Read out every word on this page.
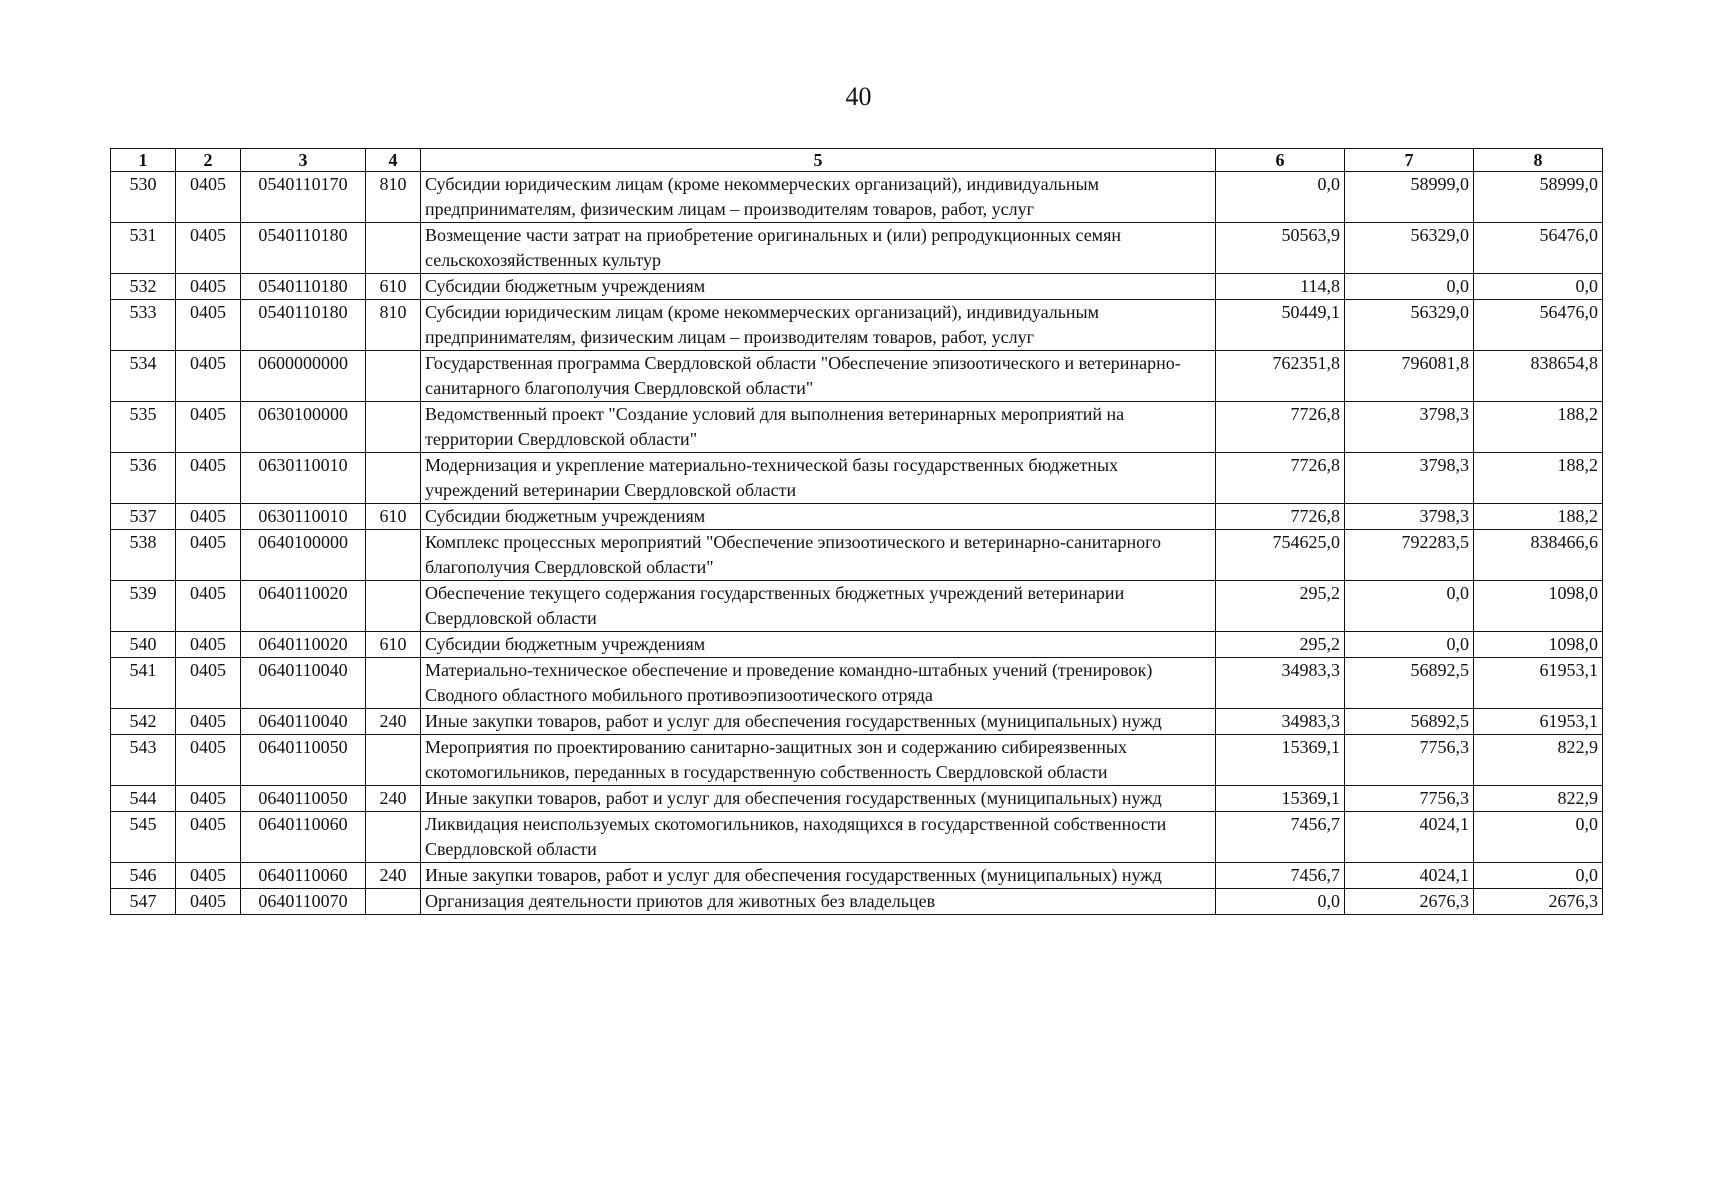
40
1	2	3	4	5	6	7	8
530	0405	0540110170	810	Субсидии юридическим лицам (кроме некоммерческих организаций), индивидуальным предпринимателям, физическим лицам – производителям товаров, работ, услуг	0,0	58999,0	58999,0
531	0405	0540110180		Возмещение части затрат на приобретение оригинальных и (или) репродукционных семян сельскохозяйственных культур	50563,9	56329,0	56476,0
532	0405	0540110180	610	Субсидии бюджетным учреждениям	114,8	0,0	0,0
533	0405	0540110180	810	Субсидии юридическим лицам (кроме некоммерческих организаций), индивидуальным предпринимателям, физическим лицам – производителям товаров, работ, услуг	50449,1	56329,0	56476,0
534	0405	0600000000		Государственная программа Свердловской области "Обеспечение эпизоотического и ветеринарно-санитарного благополучия Свердловской области"	762351,8	796081,8	838654,8
535	0405	0630100000		Ведомственный проект "Создание условий для выполнения ветеринарных мероприятий на территории Свердловской области"	7726,8	3798,3	188,2
536	0405	0630110010		Модернизация и укрепление материально-технической базы государственных бюджетных учреждений ветеринарии Свердловской области	7726,8	3798,3	188,2
537	0405	0630110010	610	Субсидии бюджетным учреждениям	7726,8	3798,3	188,2
538	0405	0640100000		Комплекс процессных мероприятий "Обеспечение эпизоотического и ветеринарно-санитарного благополучия Свердловской области"	754625,0	792283,5	838466,6
539	0405	0640110020		Обеспечение текущего содержания государственных бюджетных учреждений ветеринарии Свердловской области	295,2	0,0	1098,0
540	0405	0640110020	610	Субсидии бюджетным учреждениям	295,2	0,0	1098,0
541	0405	0640110040		Материально-техническое обеспечение и проведение командно-штабных учений (тренировок) Сводного областного мобильного противоэпизоотического отряда	34983,3	56892,5	61953,1
542	0405	0640110040	240	Иные закупки товаров, работ и услуг для обеспечения государственных (муниципальных) нужд	34983,3	56892,5	61953,1
543	0405	0640110050		Мероприятия по проектированию санитарно-защитных зон и содержанию сибиреязвенных скотомогильников, переданных в государственную собственность Свердловской области	15369,1	7756,3	822,9
544	0405	0640110050	240	Иные закупки товаров, работ и услуг для обеспечения государственных (муниципальных) нужд	15369,1	7756,3	822,9
545	0405	0640110060		Ликвидация неиспользуемых скотомогильников, находящихся в государственной собственности Свердловской области	7456,7	4024,1	0,0
546	0405	0640110060	240	Иные закупки товаров, работ и услуг для обеспечения государственных (муниципальных) нужд	7456,7	4024,1	0,0
547	0405	0640110070		Организация деятельности приютов для животных без владельцев	0,0	2676,3	2676,3
